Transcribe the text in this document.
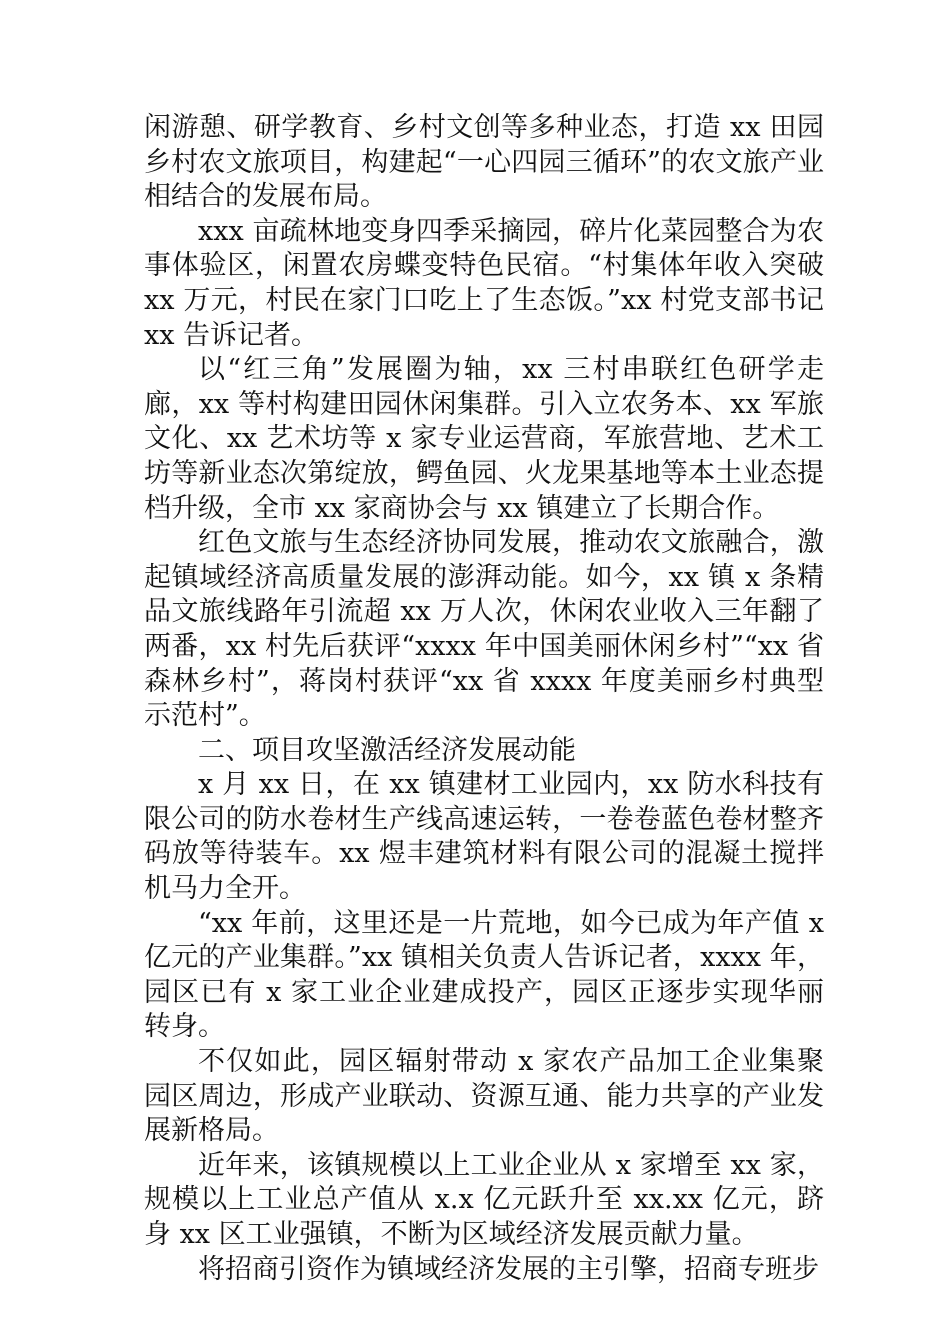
闲游憩、研学教育、乡村文创等多种业态，打造 xx 田园乡村农文旅项目，构建起“一心四园三循环”的农文旅产业相结合的发展布局。

xxx 亩疏林地变身四季采摘园，碎片化菜园整合为农事体验区，闲置农房蝶变特色民宿。“村集体年收入突破 xx 万元，村民在家门口吃上了生态饭。”xx 村党支部书记 xx 告诉记者。

以“红三角”发展圈为轴，xx 三村串联红色研学走廊，xx 等村构建田园休闲集群。引入立农务本、xx 军旅文化、xx 艺术坊等 x 家专业运营商，军旅营地、艺术工坊等新业态次第绽放，鳄鱼园、火龙果基地等本土业态提档升级，全市 xx 家商协会与 xx 镇建立了长期合作。

红色文旅与生态经济协同发展，推动农文旅融合，激起镇域经济高质量发展的澎湃动能。如今，xx 镇 x 条精品文旅线路年引流超 xx 万人次，休闲农业收入三年翻了两番，xx 村先后获评“xxxx 年中国美丽休闲乡村”“xx 省森林乡村”，蒋岗村获评“xx 省 xxxx 年度美丽乡村典型示范村”。

二、项目攻坚激活经济发展动能

x 月 xx 日，在 xx 镇建材工业园内，xx 防水科技有限公司的防水卷材生产线高速运转，一卷卷蓝色卷材整齐码放等待装车。xx 煜丰建筑材料有限公司的混凝土搅拌机马力全开。

“xx 年前，这里还是一片荒地，如今已成为年产值 x 亿元的产业集群。”xx 镇相关负责人告诉记者，xxxx 年，园区已有 x 家工业企业建成投产，园区正逐步实现华丽转身。

不仅如此，园区辐射带动 x 家农产品加工企业集聚园区周边，形成产业联动、资源互通、能力共享的产业发展新格局。

近年来，该镇规模以上工业企业从 x 家增至 xx 家，规模以上工业总产值从 x.x 亿元跃升至 xx.xx 亿元，跻身 xx 区工业强镇，不断为区域经济发展贡献力量。

将招商引资作为镇域经济发展的主引擎，招商专班步
